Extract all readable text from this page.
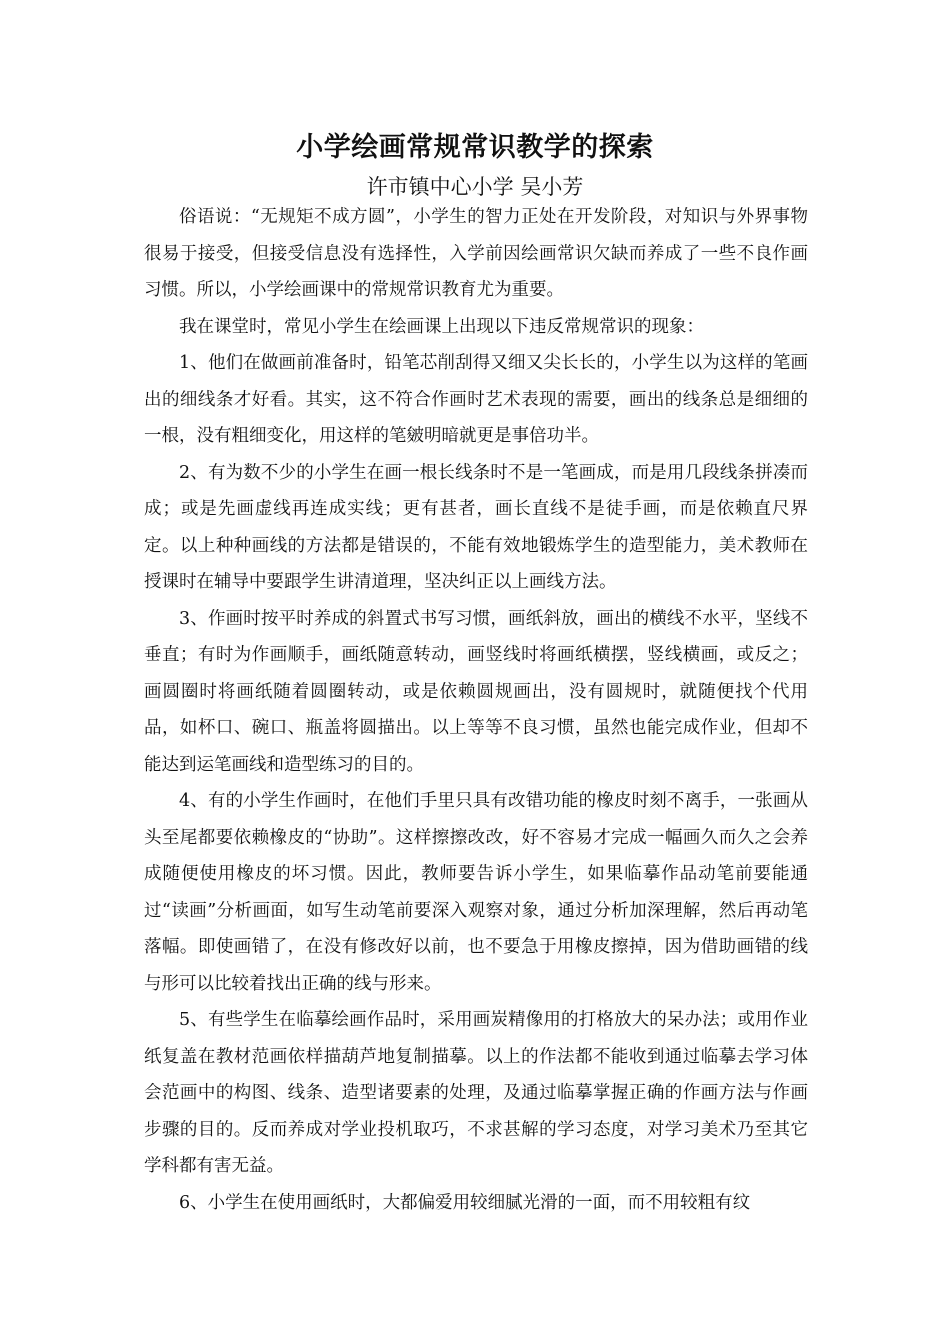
小学绘画常规常识教学的探索

许市镇中心小学 吴小芳

俗语说：“无规矩不成方圆”，小学生的智力正处在开发阶段，对知识与外界事物很易于接受，但接受信息没有选择性，入学前因绘画常识欠缺而养成了一些不良作画习惯。所以，小学绘画课中的常规常识教育尤为重要。

我在课堂时，常见小学生在绘画课上出现以下违反常规常识的现象：

1、他们在做画前准备时，铅笔芯削刮得又细又尖长长的，小学生以为这样的笔画出的细线条才好看。其实，这不符合作画时艺术表现的需要，画出的线条总是细细的一根，没有粗细变化，用这样的笔皴明暗就更是事倍功半。

2、有为数不少的小学生在画一根长线条时不是一笔画成，而是用几段线条拼凑而成；或是先画虚线再连成实线；更有甚者，画长直线不是徒手画，而是依赖直尺界定。以上种种画线的方法都是错误的，不能有效地锻炼学生的造型能力，美术教师在授课时在辅导中要跟学生讲清道理，坚决纠正以上画线方法。

3、作画时按平时养成的斜置式书写习惯，画纸斜放，画出的横线不水平，坚线不垂直；有时为作画顺手，画纸随意转动，画竖线时将画纸横摆，竖线横画，或反之；画圆圈时将画纸随着圆圈转动，或是依赖圆规画出，没有圆规时，就随便找个代用品，如杯口、碗口、瓶盖将圆描出。以上等等不良习惯，虽然也能完成作业，但却不能达到运笔画线和造型练习的目的。

4、有的小学生作画时，在他们手里只具有改错功能的橡皮时刻不离手，一张画从头至尾都要依赖橡皮的“协助”。这样擦擦改改，好不容易才完成一幅画久而久之会养成随便使用橡皮的坏习惯。因此，教师要告诉小学生，如果临摹作品动笔前要能通过“读画”分析画面，如写生动笔前要深入观察对象，通过分析加深理解，然后再动笔落幅。即使画错了，在没有修改好以前，也不要急于用橡皮擦掉，因为借助画错的线与形可以比较着找出正确的线与形来。

5、有些学生在临摹绘画作品时，采用画炭精像用的打格放大的呆办法；或用作业纸复盖在教材范画依样描葫芦地复制描摹。以上的作法都不能收到通过临摹去学习体会范画中的构图、线条、造型诸要素的处理，及通过临摹掌握正确的作画方法与作画步骤的目的。反而养成对学业投机取巧，不求甚解的学习态度，对学习美术乃至其它学科都有害无益。

6、小学生在使用画纸时，大都偏爱用较细腻光滑的一面，而不用较粗有纹
